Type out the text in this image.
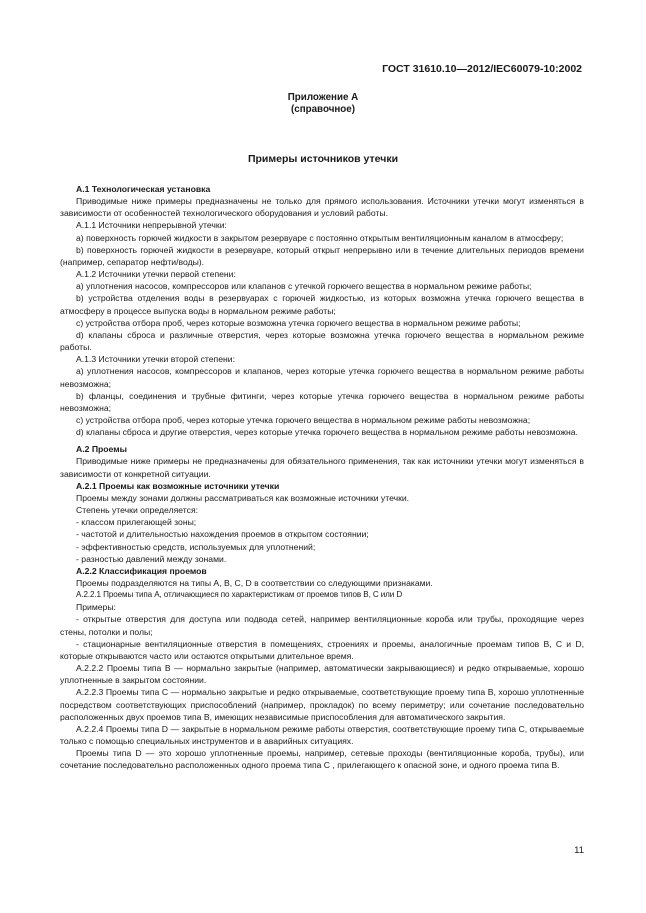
ГОСТ 31610.10—2012/IEC60079-10:2002
Приложение А
(справочное)
Примеры источников утечки

А.1 Технологическая установка

Приводимые ниже примеры предназначены не только для прямого использования. Источники утечки могут изменяться в зависимости от особенностей технологического оборудования и условий работы.

А.1.1 Источники непрерывной утечки:

а) поверхность горючей жидкости в закрытом резервуаре с постоянно открытым вентиляционным каналом в атмосферу;

b) поверхность горючей жидкости в резервуаре, который открыт непрерывно или в течение длительных периодов времени (например, сепаратор нефти/воды).

А.1.2 Источники утечки первой степени:

а) уплотнения насосов, компрессоров или клапанов с утечкой горючего вещества в нормальном режиме работы;

b) устройства отделения воды в резервуарах с горючей жидкостью, из которых возможна утечка горючего вещества в атмосферу в процессе выпуска воды в нормальном режиме работы;

с) устройства отбора проб, через которые возможна утечка горючего вещества в нормальном режиме работы;

d) клапаны сброса и различные отверстия, через которые возможна утечка горючего вещества в нормальном режиме работы.

А.1.3 Источники утечки второй степени:

а) уплотнения насосов, компрессоров и клапанов, через которые утечка горючего вещества в нормальном режиме работы невозможна;

b) фланцы, соединения и трубные фитинги, через которые утечка горючего вещества в нормальном режиме работы невозможна;

с) устройства отбора проб, через которые утечка горючего вещества в нормальном режиме работы невозможна;

d) клапаны сброса и другие отверстия, через которые утечка горючего вещества в нормальном режиме работы невозможна.

А.2 Проемы

Приводимые ниже примеры не предназначены для обязательного применения, так как источники утечки могут изменяться в зависимости от конкретной ситуации.

А.2.1 Проемы как возможные источники утечки

Проемы между зонами должны рассматриваться как возможные источники утечки.

Степень утечки определяется:

- классом прилегающей зоны;

- частотой и длительностью нахождения проемов в открытом состоянии;

- эффективностью средств, используемых для уплотнений;

- разностью давлений между зонами.

А.2.2 Классификация проемов

Проемы подразделяются на типы А, В, С, D в соответствии со следующими признаками.

А.2.2.1 Проемы типа А, отличающиеся по характеристикам от проемов типов В, С или D

Примеры:

- открытые отверстия для доступа или подвода сетей, например вентиляционные короба или трубы, проходящие через стены, потолки и полы;

- стационарные вентиляционные отверстия в помещениях, строениях и проемы, аналогичные проемам типов В, С и D, которые открываются часто или остаются открытыми длительное время.

А.2.2.2 Проемы типа В — нормально закрытые (например, автоматически закрывающиеся) и редко открываемые, хорошо уплотненные в закрытом состоянии.

А.2.2.3 Проемы типа С — нормально закрытые и редко открываемые, соответствующие проему типа В, хорошо уплотненные посредством соответствующих приспособлений (например, прокладок) по всему периметру; или сочетание последовательно расположенных двух проемов типа В, имеющих независимые приспособления для автоматического закрытия.

А.2.2.4 Проемы типа D — закрытые в нормальном режиме работы отверстия, соответствующие проему типа С, открываемые только с помощью специальных инструментов и в аварийных ситуациях.

Проемы типа D — это хорошо уплотненные проемы, например, сетевые проходы (вентиляционные короба, трубы), или сочетание последовательно расположенных одного проема типа С , прилегающего к опасной зоне, и одного проема типа В.

11
